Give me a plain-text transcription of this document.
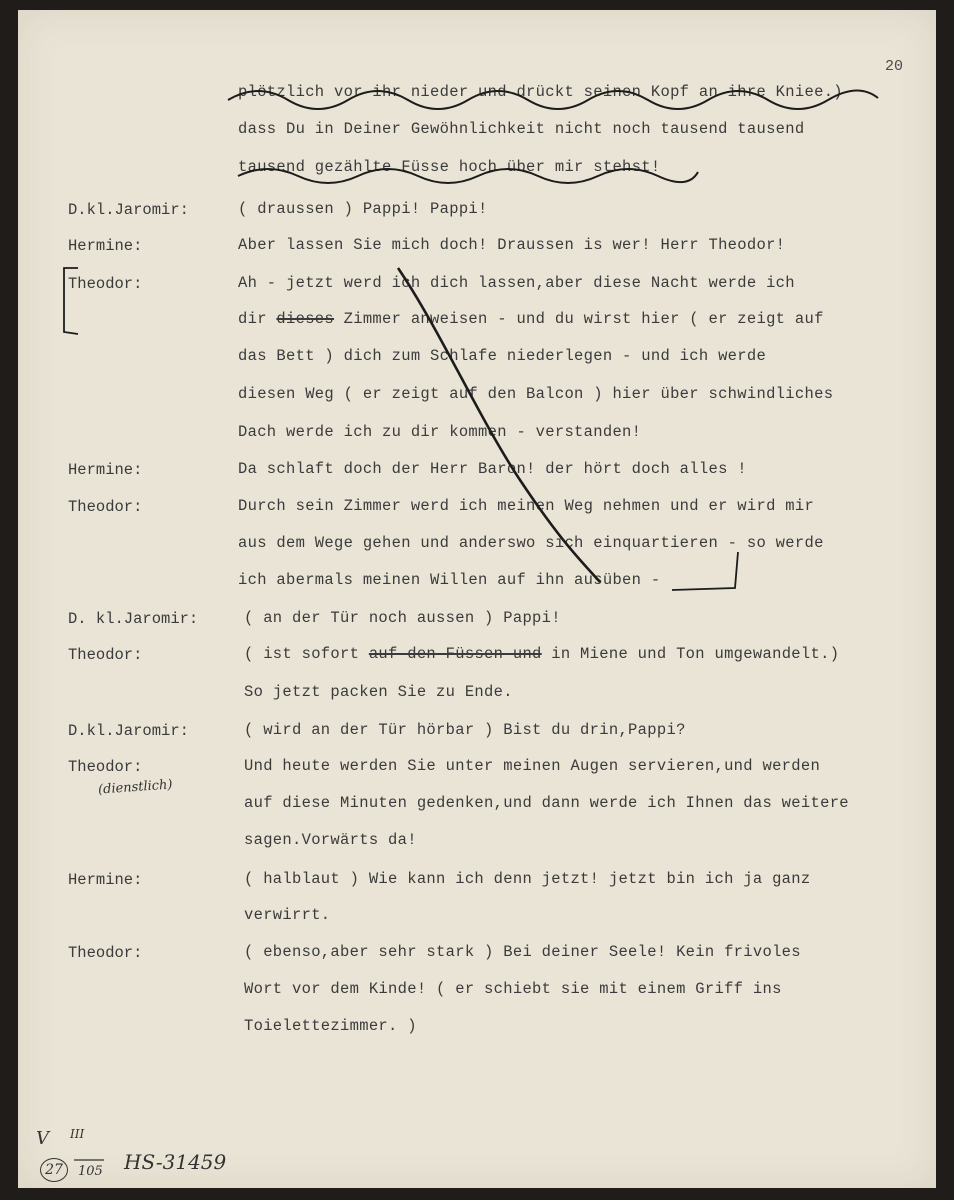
20
plötzlich vor ihr nieder und drückt seinen Kopf an ihre Kniee.)
dass Du in Deiner Gewöhnlichkeit nicht noch tausend tausend
tausend gezählte Füsse hoch über mir stehst!
D.kl.Jaromir:	( draussen ) Pappi! Pappi!
Hermine:	Aber lassen Sie mich doch! Draussen is wer! Herr Theodor!
Theodor:	Ah - jetzt werd ich dich lassen,aber diese Nacht werde ich
dir dieses Zimmer anweisen - und du wirst hier ( er zeigt auf
das Bett ) dich zum Schlafe niederlegen - und ich werde
diesen Weg ( er zeigt auf den Balcon ) hier über schwindliches
Dach werde ich zu dir kommen - verstanden!
Hermine:	Da schlaft doch der Herr Baron! der hört doch alles !
Theodor:	Durch sein Zimmer werd ich meinen Weg nehmen und er wird mir
aus dem Wege gehen und anderswo sich einquartieren - so werde
ich abermals meinen Willen auf ihn ausüben -
D. kl.Jaromir:	( an der Tür noch aussen ) Pappi!
Theodor:	( ist sofort auf den Füssen und in Miene und Ton umgewandelt.)
So jetzt packen Sie zu Ende.
D.kl.Jaromir:	( wird an der Tür hörbar ) Bist du drin,Pappi?
Theodor:	Und heute werden Sie unter meinen Augen servieren,und werden
auf diese Minuten gedenken,und dann werde ich Ihnen das weitere
sagen.Vorwärts da!
Hermine:	( halblaut ) Wie kann ich denn jetzt! jetzt bin ich ja ganz
verwirrt.
Theodor:	( ebenso,aber sehr stark ) Bei deiner Seele! Kein frivoles
Wort vor dem Kinde! ( er schiebt sie mit einem Griff ins
Toielettezimmer. )
(dienstlich)
V III
27	105 HS-31459
